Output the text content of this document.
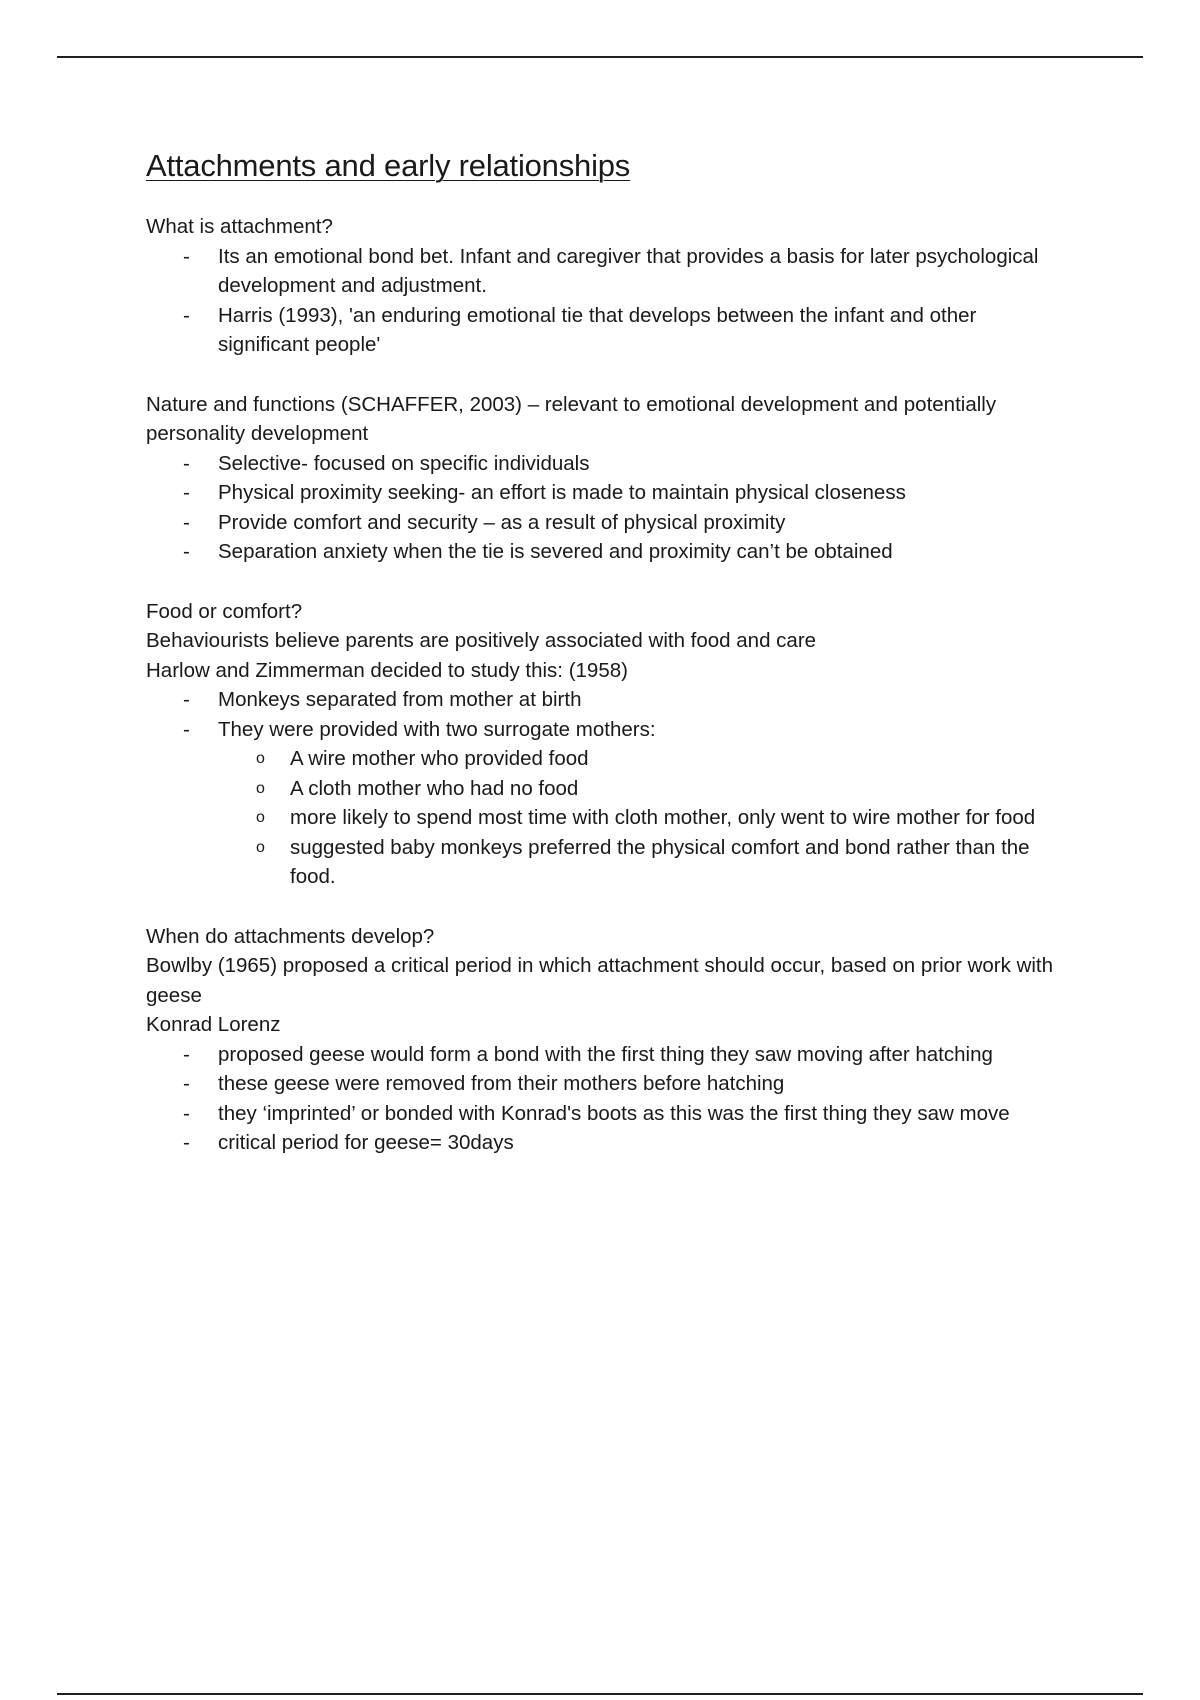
Attachments and early relationships

What is attachment?

- Its an emotional bond bet. Infant and caregiver that provides a basis for later psychological development and adjustment.
- Harris (1993), 'an enduring emotional tie that develops between the infant and other significant people'

Nature and functions (SCHAFFER, 2003) – relevant to emotional development and potentially personality development

- Selective- focused on specific individuals
- Physical proximity seeking- an effort is made to maintain physical closeness
- Provide comfort and security – as a result of physical proximity
- Separation anxiety when the tie is severed and proximity can’t be obtained

Food or comfort?

Behaviourists believe parents are positively associated with food and care

Harlow and Zimmerman decided to study this: (1958)

- Monkeys separated from mother at birth
- They were provided with two surrogate mothers:
o A wire mother who provided food
o A cloth mother who had no food
o more likely to spend most time with cloth mother, only went to wire mother for food
o suggested baby monkeys preferred the physical comfort and bond rather than the food.

When do attachments develop?

Bowlby (1965) proposed a critical period in which attachment should occur, based on prior work with geese

Konrad Lorenz

- proposed geese would form a bond with the first thing they saw moving after hatching
- these geese were removed from their mothers before hatching
- they ‘imprinted’ or bonded with Konrad's boots as this was the first thing they saw move
- critical period for geese= 30days
